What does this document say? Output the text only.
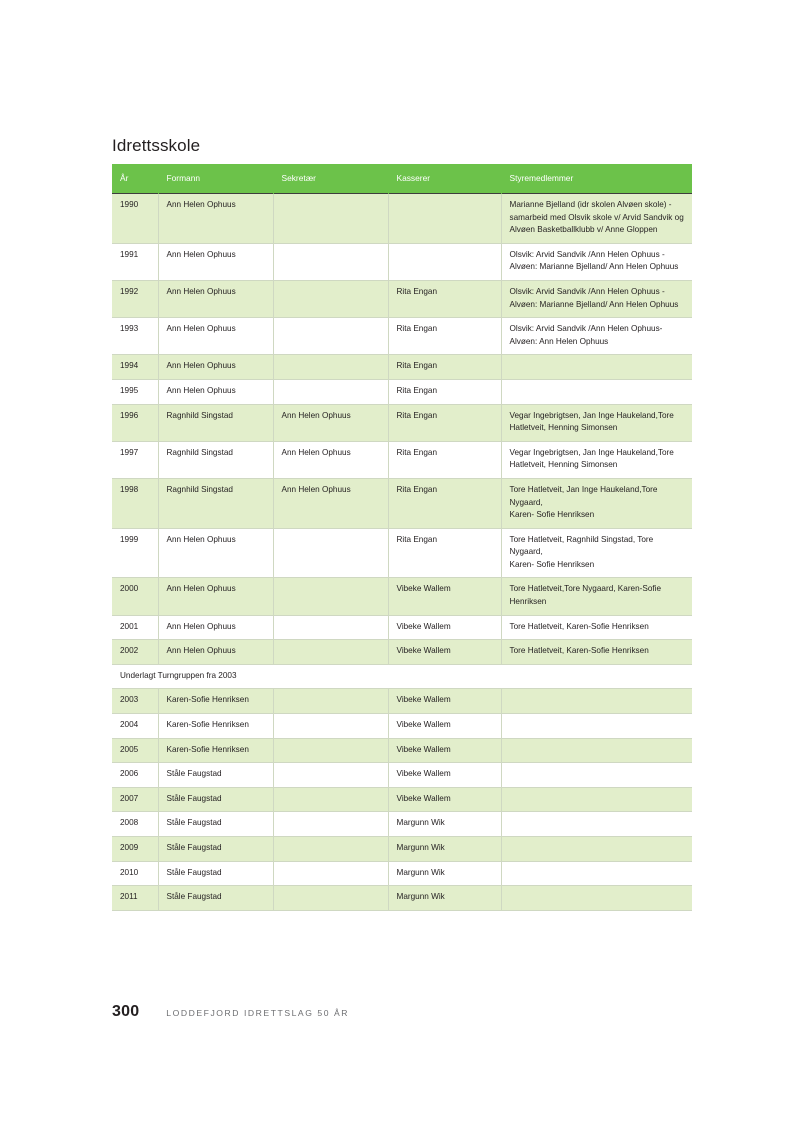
Idrettsskole
År	Formann	Sekretær	Kasserer	Styremedlemmer
1990	Ann Helen Ophuus			Marianne Bjelland (idr skolen Alvøen skole) -samarbeid med Olsvik skole v/ Arvid Sandvik og Alvøen Basketballklubb v/ Anne Gloppen
1991	Ann Helen Ophuus			Olsvik: Arvid Sandvik /Ann Helen Ophuus -Alvøen: Marianne Bjelland/ Ann Helen Ophuus
1992	Ann Helen Ophuus		Rita Engan	Olsvik: Arvid Sandvik /Ann Helen Ophuus -Alvøen: Marianne Bjelland/ Ann Helen Ophuus
1993	Ann Helen Ophuus		Rita Engan	Olsvik: Arvid Sandvik /Ann Helen Ophuus-Alvøen: Ann Helen Ophuus
1994	Ann Helen Ophuus		Rita Engan	
1995	Ann Helen Ophuus		Rita Engan	
1996	Ragnhild Singstad	Ann Helen Ophuus	Rita Engan	Vegar Ingebrigtsen, Jan Inge Haukeland,Tore Hatletveit, Henning Simonsen
1997	Ragnhild Singstad	Ann Helen Ophuus	Rita Engan	Vegar Ingebrigtsen, Jan Inge Haukeland,Tore Hatletveit, Henning Simonsen
1998	Ragnhild Singstad	Ann Helen Ophuus	Rita Engan	Tore Hatletveit, Jan Inge Haukeland,Tore Nygaard,
Karen- Sofie Henriksen
1999	Ann Helen Ophuus		Rita Engan	Tore Hatletveit, Ragnhild Singstad, Tore Nygaard,
Karen- Sofie Henriksen
2000	Ann Helen Ophuus		Vibeke Wallem	Tore Hatletveit,Tore Nygaard, Karen-Sofie Henriksen
2001	Ann Helen Ophuus		Vibeke Wallem	Tore Hatletveit, Karen-Sofie Henriksen
2002	Ann Helen Ophuus		Vibeke Wallem	Tore Hatletveit, Karen-Sofie Henriksen
Underlagt Turngruppen fra 2003				
2003	Karen-Sofie Henriksen		Vibeke Wallem	
2004	Karen-Sofie Henriksen		Vibeke Wallem	
2005	Karen-Sofie Henriksen		Vibeke Wallem	
2006	Ståle Faugstad		Vibeke Wallem	
2007	Ståle Faugstad		Vibeke Wallem	
2008	Ståle Faugstad		Margunn Wik	
2009	Ståle Faugstad		Margunn Wik	
2010	Ståle Faugstad		Margunn Wik	
2011	Ståle Faugstad		Margunn Wik	
300	LODDEFJORD IDRETTSLAG 50 ÅR
